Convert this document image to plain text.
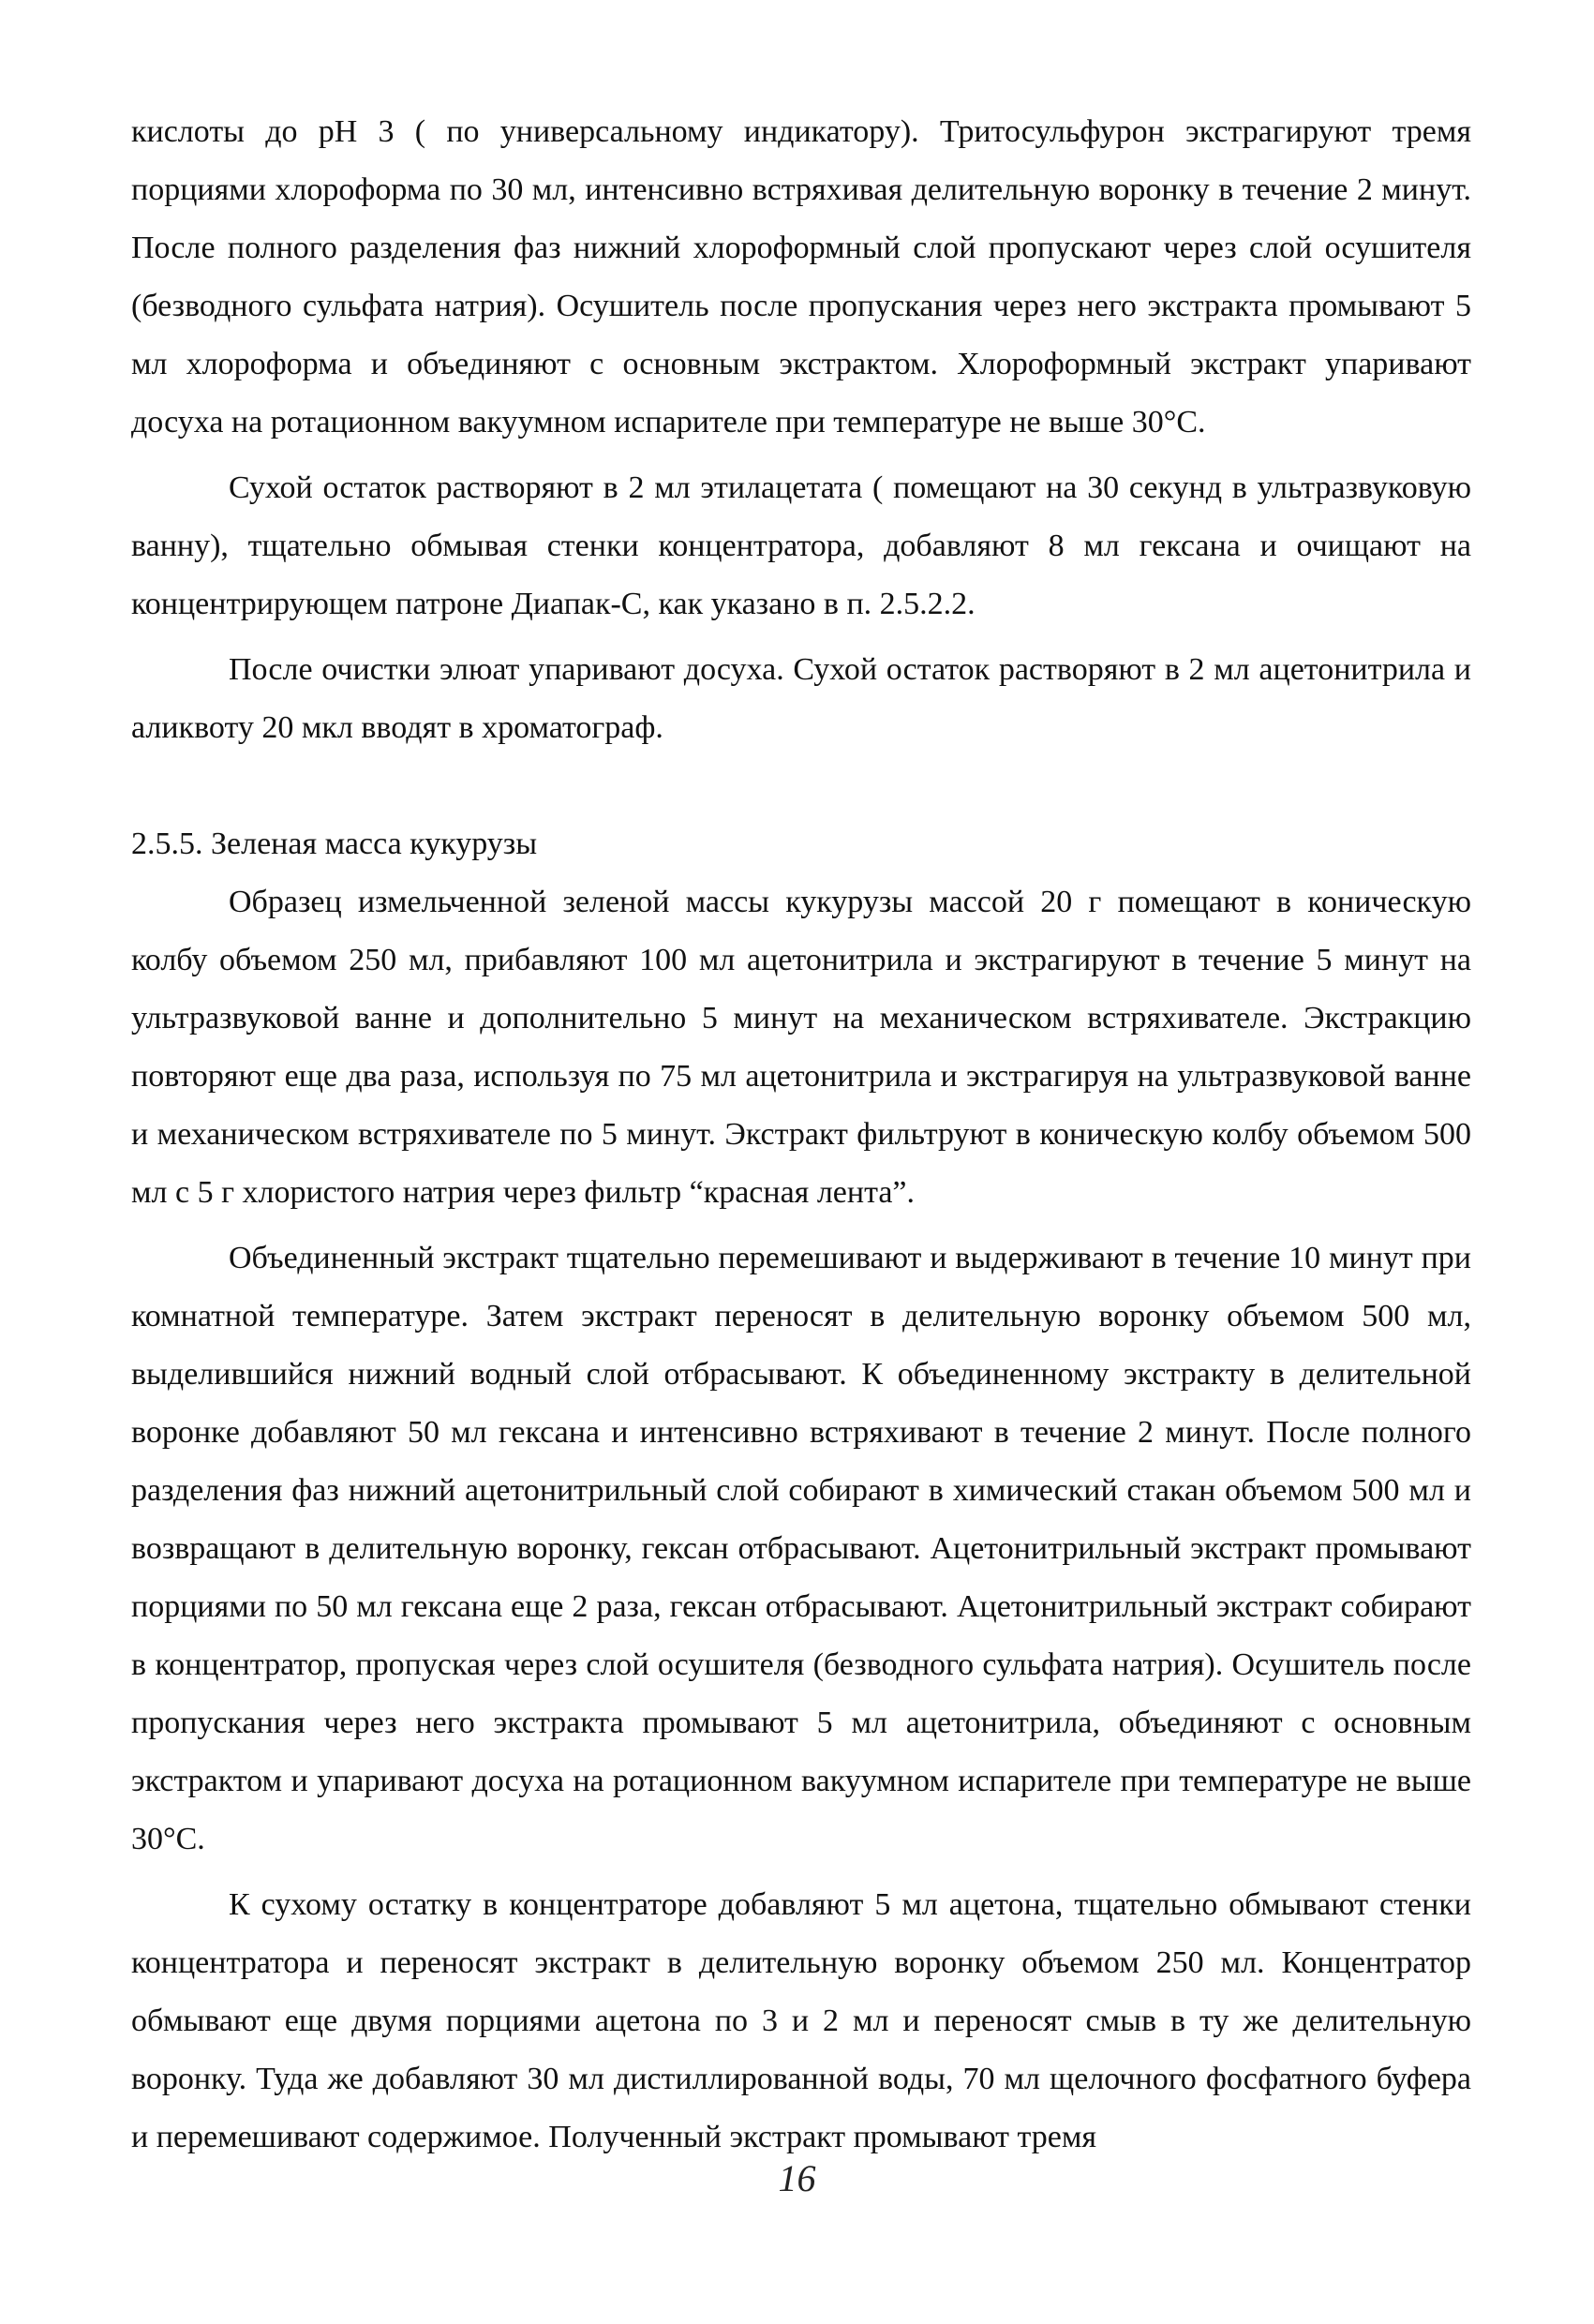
кислоты до pH 3 ( по универсальному индикатору). Тритосульфурон экстрагируют тремя порциями хлороформа по 30 мл, интенсивно встряхивая делительную воронку в течение 2 минут. После полного разделения фаз нижний хлороформный слой пропускают через слой осушителя (безводного сульфата натрия). Осушитель после пропускания через него экстракта промывают 5 мл хлороформа и объединяют с основным экстрактом. Хлороформный экстракт упаривают досуха на ротационном вакуумном испарителе при температуре не выше 30°С.

Сухой остаток растворяют в 2 мл этилацетата ( помещают на 30 секунд в ультразвуковую ванну), тщательно обмывая стенки концентратора, добавляют 8 мл гексана и очищают на концентрирующем патроне Диапак-С, как указано в п. 2.5.2.2.

После очистки элюат упаривают досуха. Сухой остаток растворяют в 2 мл ацетонитрила и аликвоту 20 мкл вводят в хроматограф.

2.5.5. Зеленая масса кукурузы

Образец измельченной зеленой массы кукурузы массой 20 г помещают в коническую колбу объемом 250 мл, прибавляют 100 мл ацетонитрила и экстрагируют в течение 5 минут на ультразвуковой ванне и дополнительно 5 минут на механическом встряхивателе. Экстракцию повторяют еще два раза, используя по 75 мл ацетонитрила и экстрагируя на ультразвуковой ванне и механическом встряхивателе по 5 минут. Экстракт фильтруют в коническую колбу объемом 500 мл с 5 г хлористого натрия через фильтр “красная лента”.

Объединенный экстракт тщательно перемешивают и выдерживают в течение 10 минут при комнатной температуре. Затем экстракт переносят в делительную воронку объемом 500 мл, выделившийся нижний водный слой отбрасывают. К объединенному экстракту в делительной воронке добавляют 50 мл гексана и интенсивно встряхивают в течение 2 минут. После полного разделения фаз нижний ацетонитрильный слой собирают в химический стакан объемом 500 мл и возвращают в делительную воронку, гексан отбрасывают. Ацетонитрильный экстракт промывают порциями по 50 мл гексана еще 2 раза, гексан отбрасывают. Ацетонитрильный экстракт собирают в концентратор, пропуская через слой осушителя (безводного сульфата натрия). Осушитель после пропускания через него экстракта промывают 5 мл ацетонитрила, объединяют с основным экстрактом и упаривают досуха на ротационном вакуумном испарителе при температуре не выше 30°С.

К сухому остатку в концентраторе добавляют 5 мл ацетона, тщательно обмывают стенки концентратора и переносят экстракт в делительную воронку объемом 250 мл. Концентратор обмывают еще двумя порциями ацетона по 3 и 2 мл и переносят смыв в ту же делительную воронку. Туда же добавляют 30 мл дистиллированной воды, 70 мл щелочного фосфатного буфера и перемешивают содержимое. Полученный экстракт промывают тремя

16
